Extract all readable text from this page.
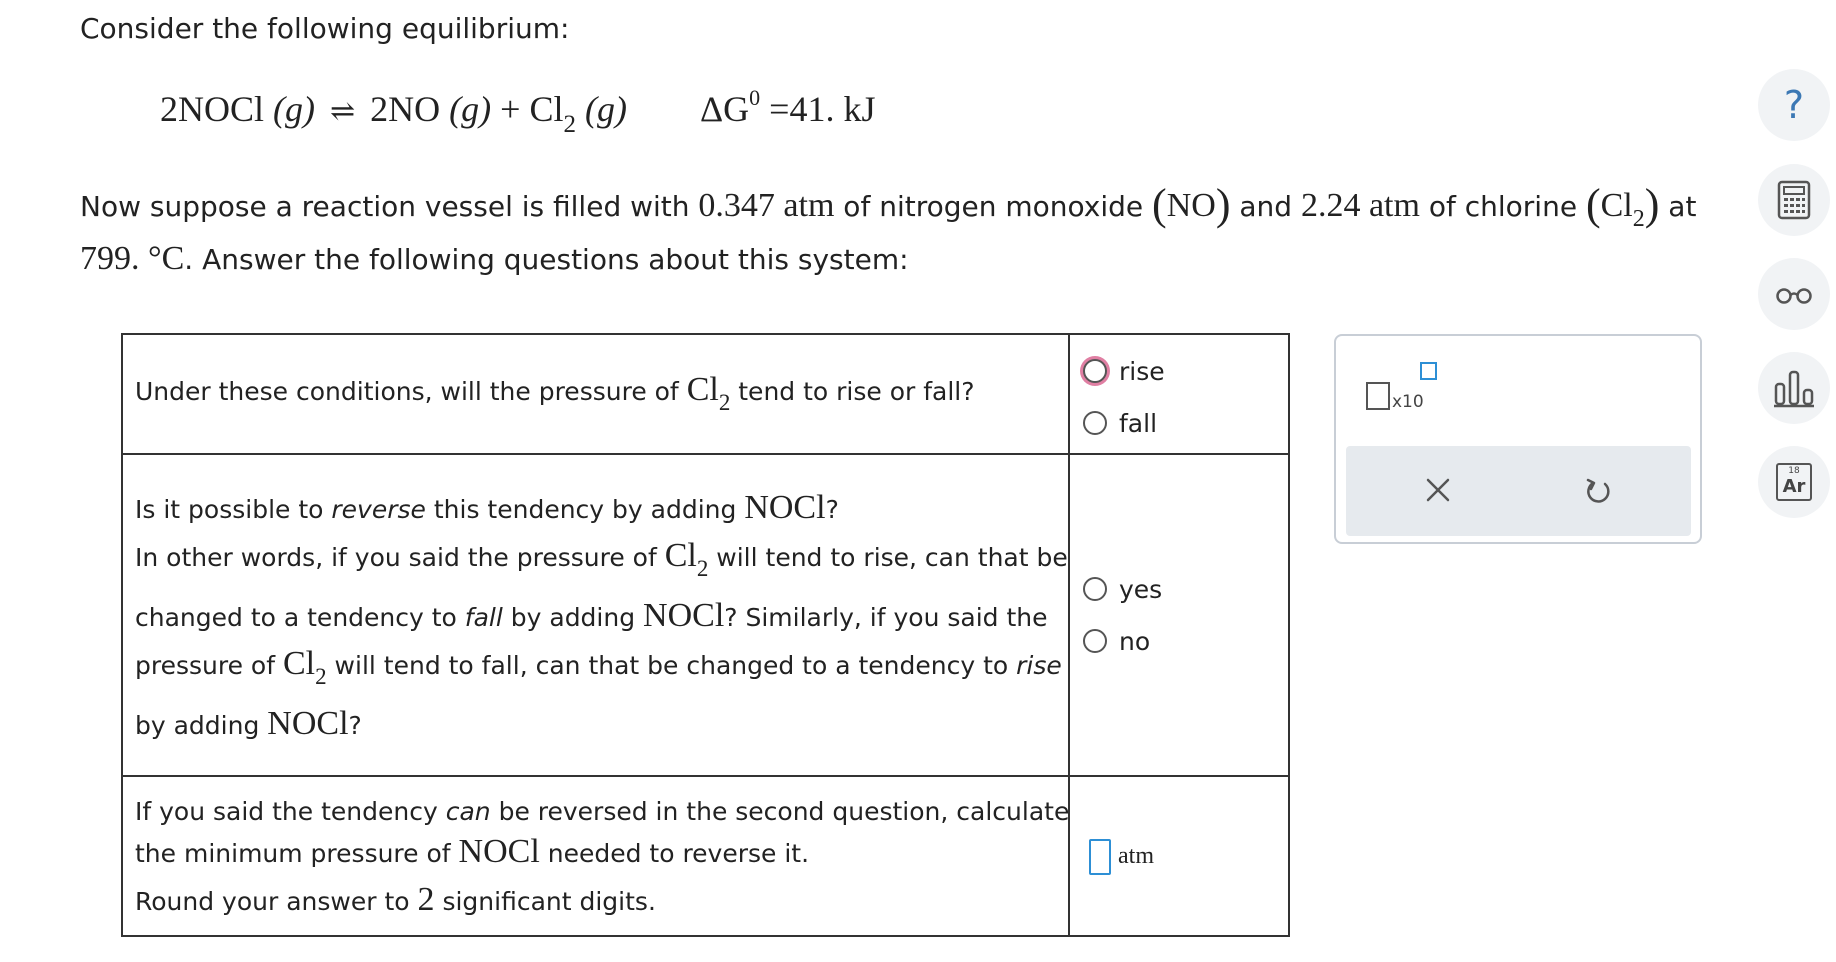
Consider the following equilibrium:
2NOCl (g) ⇌ 2NO $(g) + Cl_2$ (g) $\Delta G^0 =41$. kJ
Now suppose a reaction vessel is filled with 0.347 atm of nitrogen monoxide (NO) and 2.24 atm of chlorine (Cl2) at
799. °C. Answer the following questions about this system:
Under these conditions, will the pressure of Cl2 tend to rise or fall?
rise
fall
Is it possible to reverse this tendency by adding NOCl?
In other words, if you said the pressure of Cl2 will tend to rise, can that be
changed to a tendency to fall by adding NOCl? Similarly, if you said the
pressure of Cl2 will tend to fall, can that be changed to a tendency to rise
by adding NOCl?
yes
no
If you said the tendency can be reversed in the second question, calculate
the minimum pressure of NOCl needed to reverse it.
Round your answer to 2 significant digits.
atm
x10
?
18
Ar
